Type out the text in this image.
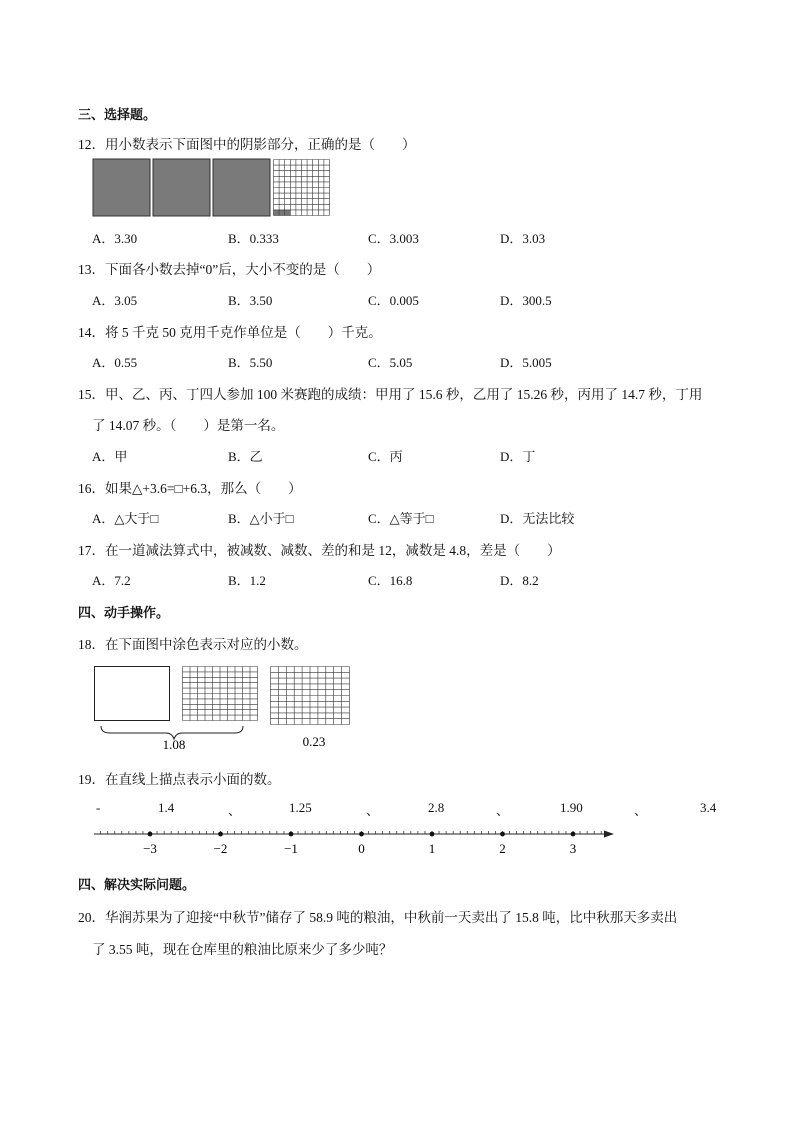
三、选择题。
12．用小数表示下面图中的阴影部分，正确的是（　　）
A．3.30	B．0.333	C．3.003	D．3.03
13．下面各小数去掉“0”后，大小不变的是（　　）
A．3.05	B．3.50	C．0.005	D．300.5
14．将 5 千克 50 克用千克作单位是（　　）千克。
A．0.55	B．5.50	C．5.05	D．5.005
15．甲、乙、丙、丁四人参加 100 米赛跑的成绩：甲用了 15.6 秒，乙用了 15.26 秒，丙用了 14.7 秒，丁用
了 14.07 秒。（　　）是第一名。
A．甲	B．乙	C．丙	D．丁
16．如果△+3.6=□+6.3，那么（　　）
A．△大于□	B．△小于□	C．△等于□	D．无法比较
17．在一道减法算式中，被减数、减数、差的和是 12，减数是 4.8，差是（　　）
A．7.2	B．1.2	C．16.8	D．8.2
四、动手操作。
18．在下面图中涂色表示对应的小数。
1.08	0.23
19．在直线上描点表示小面的数。
-	1.4	、	1.25	、	2.8	、	1.90	、	3.4
−3	−2	−1	0	1	2	3
四、解决实际问题。
20．华润苏果为了迎接“中秋节”储存了 58.9 吨的粮油，中秋前一天卖出了 15.8 吨，比中秋那天多卖出
了 3.55 吨，现在仓库里的粮油比原来少了多少吨？
